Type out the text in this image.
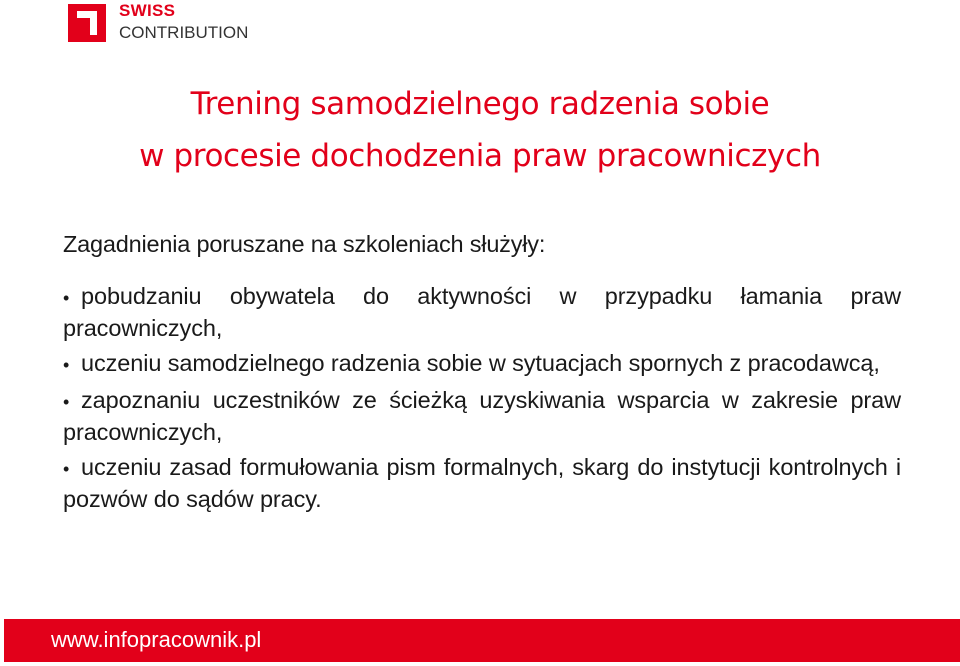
SWISS
CONTRIBUTION
Trening samodzielnego radzenia sobie
w procesie dochodzenia praw pracowniczych

Zagadnienia poruszane na szkoleniach służyły:

• pobudzaniu obywatela do aktywności w przypadku łamania praw pracowniczych,
• uczeniu samodzielnego radzenia sobie w sytuacjach spornych z pracodawcą,
• zapoznaniu uczestników ze ścieżką uzyskiwania wsparcia w zakresie praw pracowniczych,
• uczeniu zasad formułowania pism formalnych, skarg do instytucji kontrolnych i pozwów do sądów pracy.
www.infopracownik.pl
